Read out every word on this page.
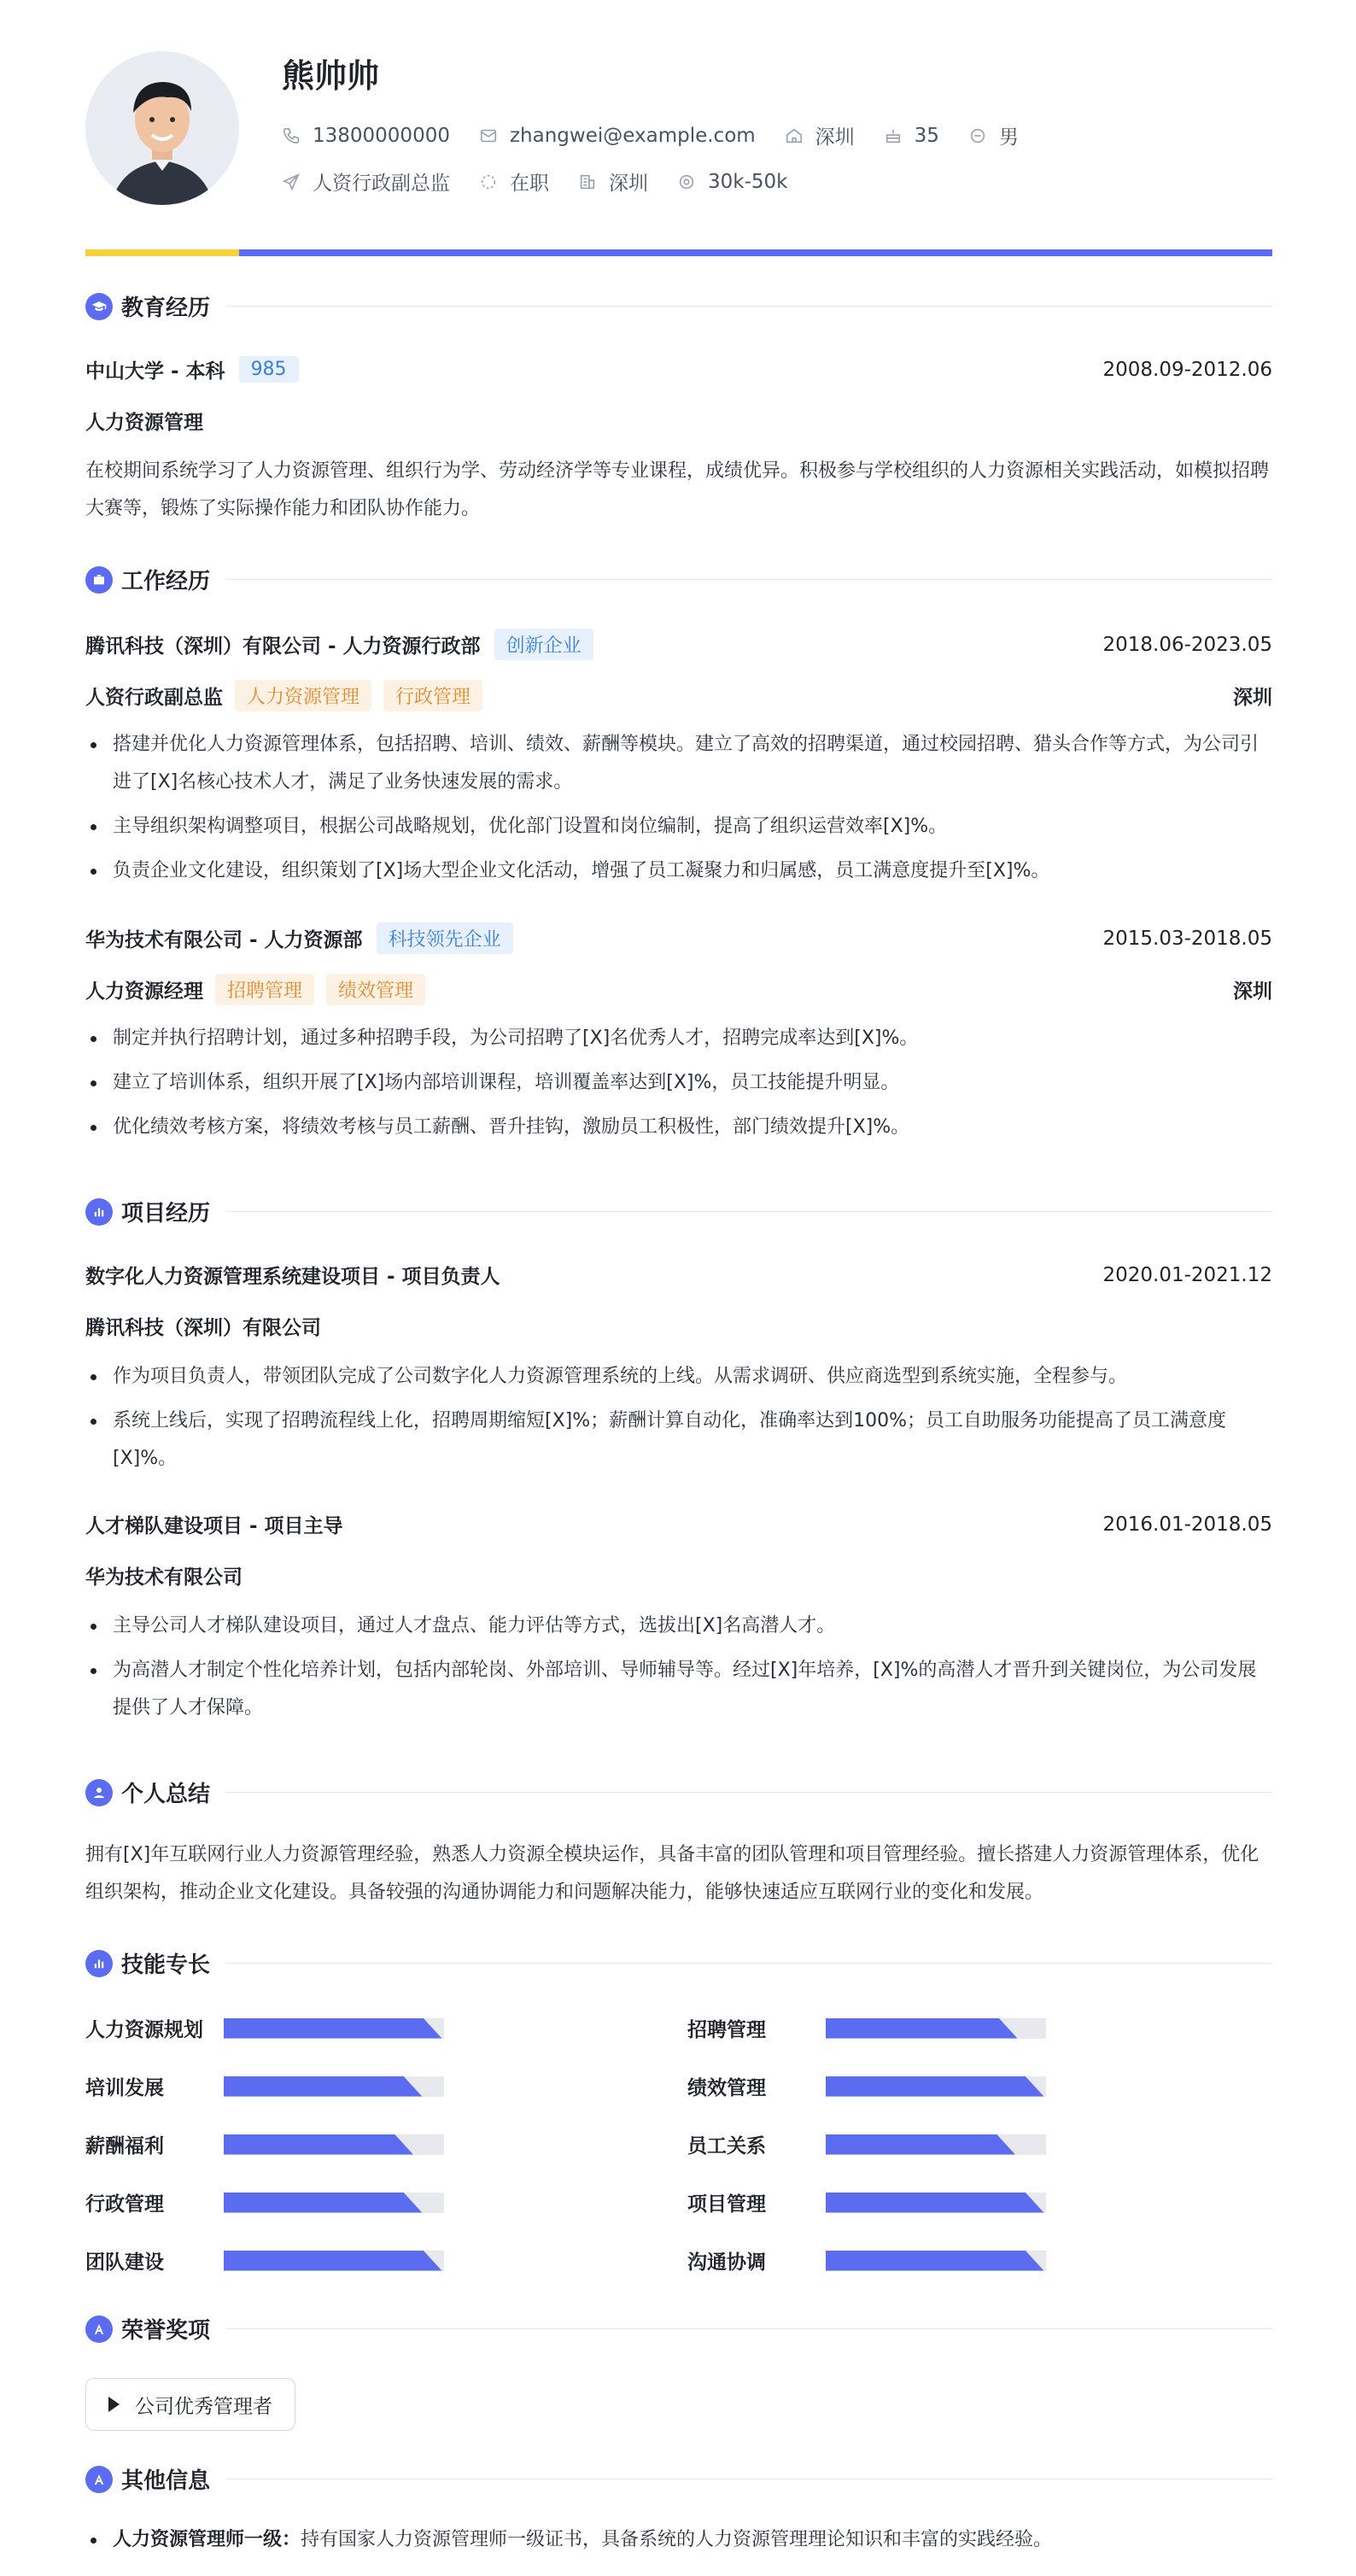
熊帅帅
13800000000	zhangwei@example.com	深圳	35	男
人资行政副总监	在职	深圳	30k-50k
教育经历
中山大学 - 本科	985	2008.09-2012.06
人力资源管理
在校期间系统学习了人力资源管理、组织行为学、劳动经济学等专业课程，成绩优异。积极参与学校组织的人力资源相关实践活动，如模拟招聘大赛等，锻炼了实际操作能力和团队协作能力。
工作经历
腾讯科技（深圳）有限公司 - 人力资源行政部	创新企业	2018.06-2023.05
人资行政副总监	人力资源管理	行政管理	深圳
搭建并优化人力资源管理体系，包括招聘、培训、绩效、薪酬等模块。建立了高效的招聘渠道，通过校园招聘、猎头合作等方式，为公司引进了[X]名核心技术人才，满足了业务快速发展的需求。
主导组织架构调整项目，根据公司战略规划，优化部门设置和岗位编制，提高了组织运营效率[X]%。
负责企业文化建设，组织策划了[X]场大型企业文化活动，增强了员工凝聚力和归属感，员工满意度提升至[X]%。
华为技术有限公司 - 人力资源部	科技领先企业	2015.03-2018.05
人力资源经理	招聘管理	绩效管理	深圳
制定并执行招聘计划，通过多种招聘手段，为公司招聘了[X]名优秀人才，招聘完成率达到[X]%。
建立了培训体系，组织开展了[X]场内部培训课程，培训覆盖率达到[X]%，员工技能提升明显。
优化绩效考核方案，将绩效考核与员工薪酬、晋升挂钩，激励员工积极性，部门绩效提升[X]%。
项目经历
数字化人力资源管理系统建设项目 - 项目负责人	2020.01-2021.12
腾讯科技（深圳）有限公司
作为项目负责人，带领团队完成了公司数字化人力资源管理系统的上线。从需求调研、供应商选型到系统实施，全程参与。
系统上线后，实现了招聘流程线上化，招聘周期缩短[X]%；薪酬计算自动化，准确率达到100%；员工自助服务功能提高了员工满意度[X]%。
人才梯队建设项目 - 项目主导	2016.01-2018.05
华为技术有限公司
主导公司人才梯队建设项目，通过人才盘点、能力评估等方式，选拔出[X]名高潜人才。
为高潜人才制定个性化培养计划，包括内部轮岗、外部培训、导师辅导等。经过[X]年培养，[X]%的高潜人才晋升到关键岗位，为公司发展提供了人才保障。
个人总结
拥有[X]年互联网行业人力资源管理经验，熟悉人力资源全模块运作，具备丰富的团队管理和项目管理经验。擅长搭建人力资源管理体系，优化组织架构，推动企业文化建设。具备较强的沟通协调能力和问题解决能力，能够快速适应互联网行业的变化和发展。
技能专长
人力资源规划	招聘管理
培训发展	绩效管理
薪酬福利	员工关系
行政管理	项目管理
团队建设	沟通协调
荣誉奖项
公司优秀管理者
其他信息
人力资源管理师一级：持有国家人力资源管理师一级证书，具备系统的人力资源管理理论知识和丰富的实践经验。
